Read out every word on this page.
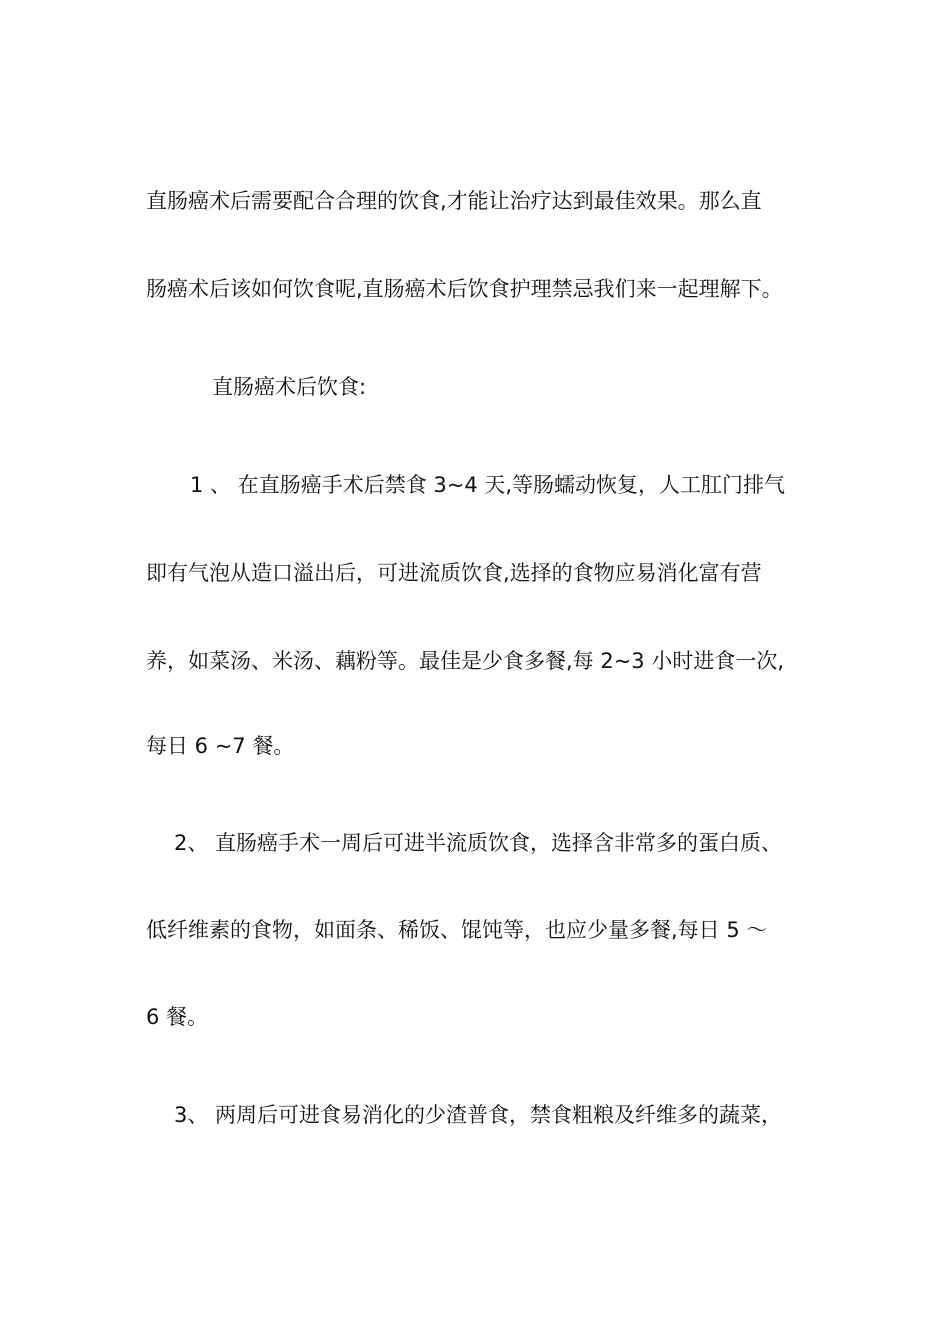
直肠癌术后需要配合合理的饮食,才能让治疗达到最佳效果。那么直
肠癌术后该如何饮食呢,直肠癌术后饮食护理禁忌我们来一起理解下。
直肠癌术后饮食:
1 、 在直肠癌手术后禁食 3~4 天,等肠蠕动恢复，人工肛门排气
即有气泡从造口溢出后，可进流质饮食,选择的食物应易消化富有营
养，如菜汤、米汤、藕粉等。最佳是少食多餐,每 2~3 小时进食一次,
每日 6 ~7 餐。
2、 直肠癌手术一周后可进半流质饮食，选择含非常多的蛋白质、
低纤维素的食物，如面条、稀饭、馄饨等，也应少量多餐,每日 5 ～
6 餐。
3、 两周后可进食易消化的少渣普食，禁食粗粮及纤维多的蔬菜，
